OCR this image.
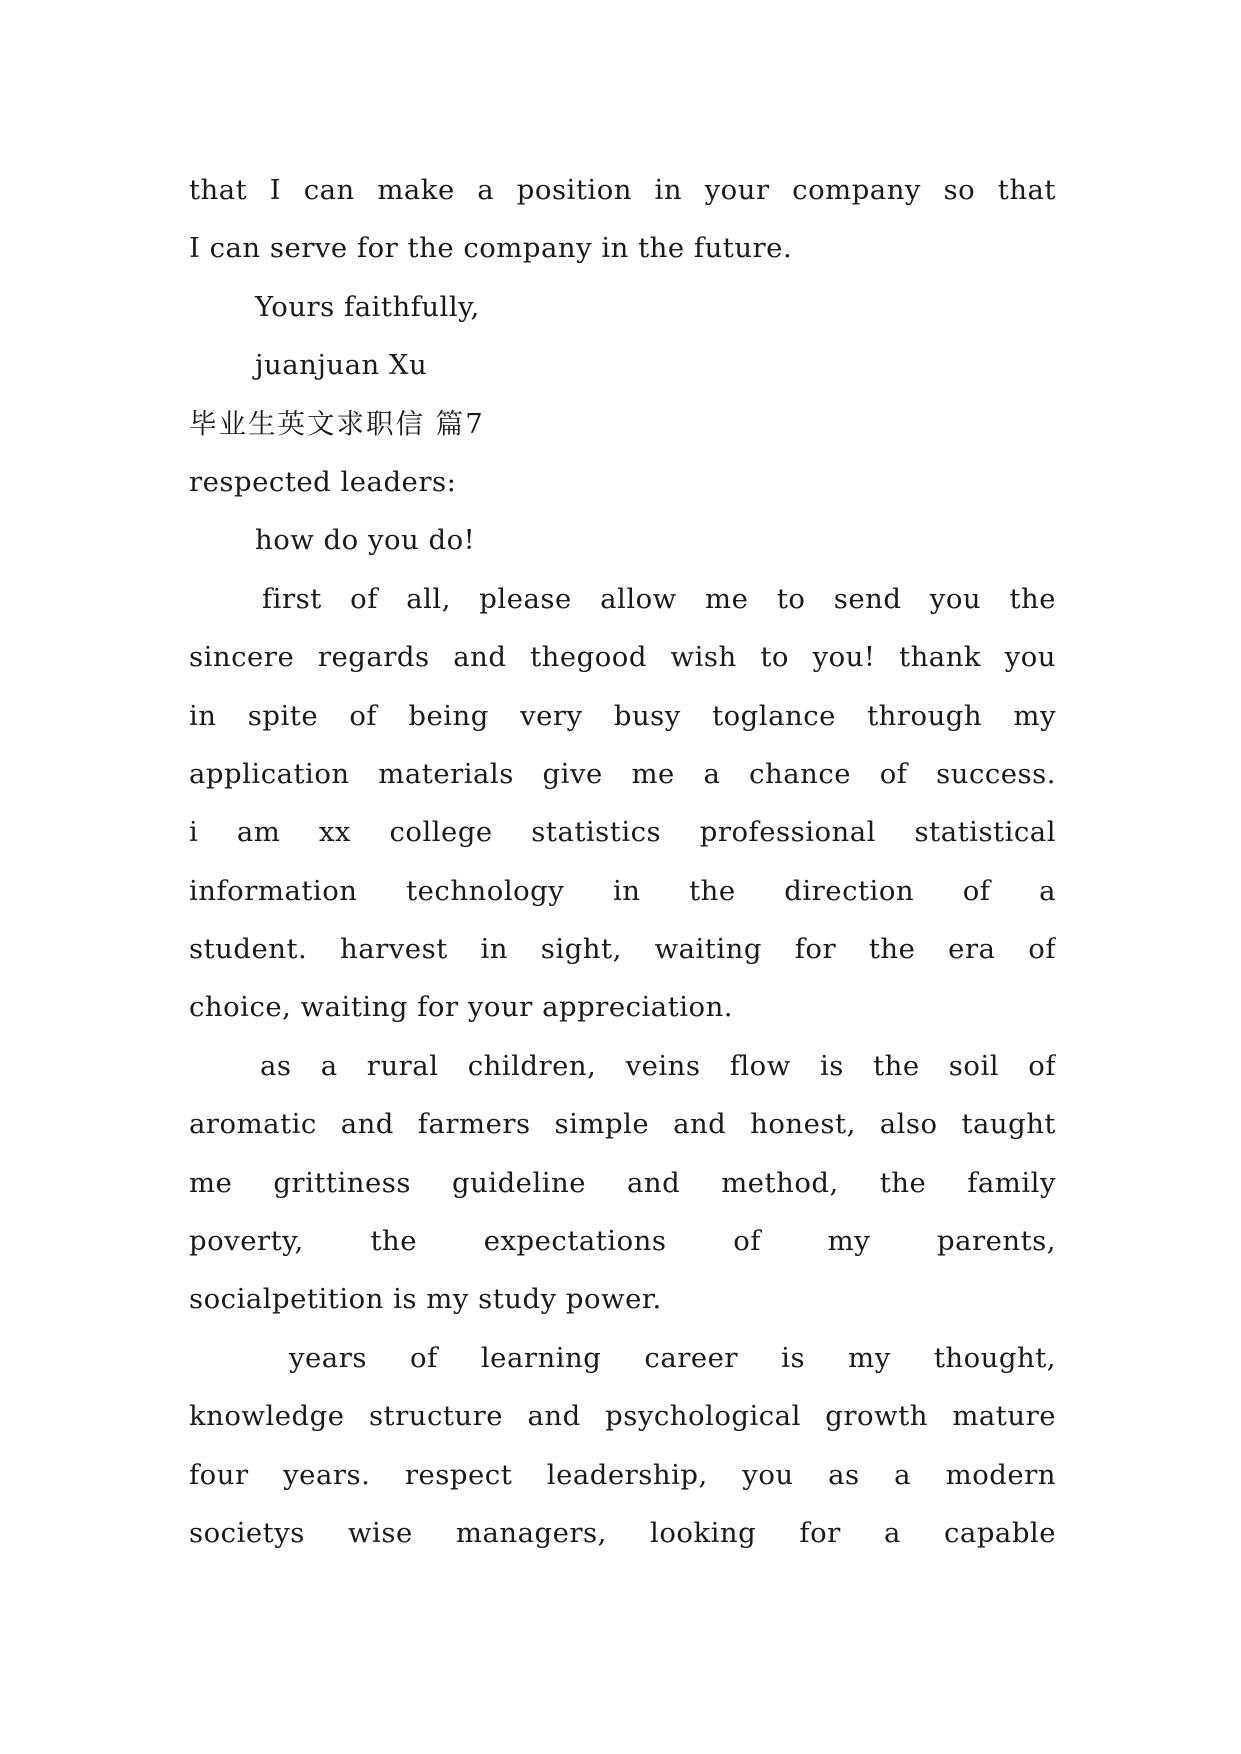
that I can make a position in your company so that
I can serve for the company in the future.
Yours faithfully,
juanjuan Xu
毕业生英文求职信 篇7
respected leaders:
how do you do!
first of all, please allow me to send you the
sincere regards and thegood wish to you! thank you
in spite of being very busy toglance through my
application materials give me a chance of success.
i am xx college statistics professional statistical
information technology in the direction of a
student. harvest in sight, waiting for the era of
choice, waiting for your appreciation.
as a rural children, veins flow is the soil of
aromatic and farmers simple and honest, also taught
me grittiness guideline and method, the family
poverty, the expectations of my parents,
socialpetition is my study power.
years of learning career is my thought,
knowledge structure and psychological growth mature
four years. respect leadership, you as a modern
societys wise managers, looking for a capable
